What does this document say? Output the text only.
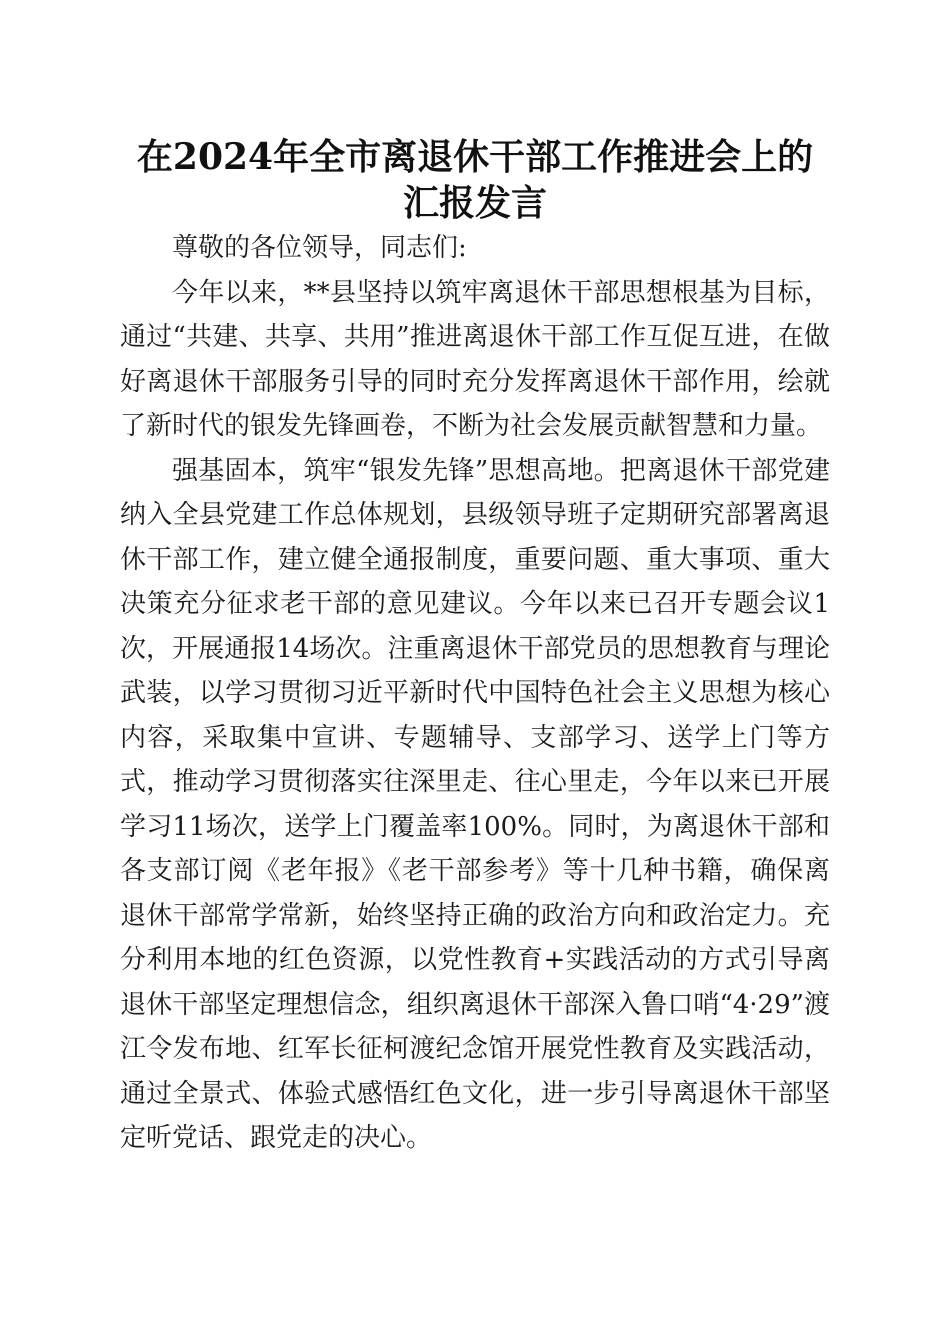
在2024年全市离退休干部工作推进会上的汇报发言

尊敬的各位领导，同志们:

今年以来，**县坚持以筑牢离退休干部思想根基为目标，通过“共建、共享、共用”推进离退休干部工作互促互进，在做好离退休干部服务引导的同时充分发挥离退休干部作用，绘就了新时代的银发先锋画卷，不断为社会发展贡献智慧和力量。

强基固本，筑牢“银发先锋”思想高地。把离退休干部党建纳入全县党建工作总体规划，县级领导班子定期研究部署离退休干部工作，建立健全通报制度，重要问题、重大事项、重大决策充分征求老干部的意见建议。今年以来已召开专题会议1次，开展通报14场次。注重离退休干部党员的思想教育与理论武装，以学习贯彻习近平新时代中国特色社会主义思想为核心内容，采取集中宣讲、专题辅导、支部学习、送学上门等方式，推动学习贯彻落实往深里走、往心里走，今年以来已开展学习11场次，送学上门覆盖率100%。同时，为离退休干部和各支部订阅《老年报》《老干部参考》等十几种书籍，确保离退休干部常学常新，始终坚持正确的政治方向和政治定力。充分利用本地的红色资源，以党性教育+实践活动的方式引导离退休干部坚定理想信念，组织离退休干部深入鲁口哨“4·29”渡江令发布地、红军长征柯渡纪念馆开展党性教育及实践活动，通过全景式、体验式感悟红色文化，进一步引导离退休干部坚定听党话、跟党走的决心。
